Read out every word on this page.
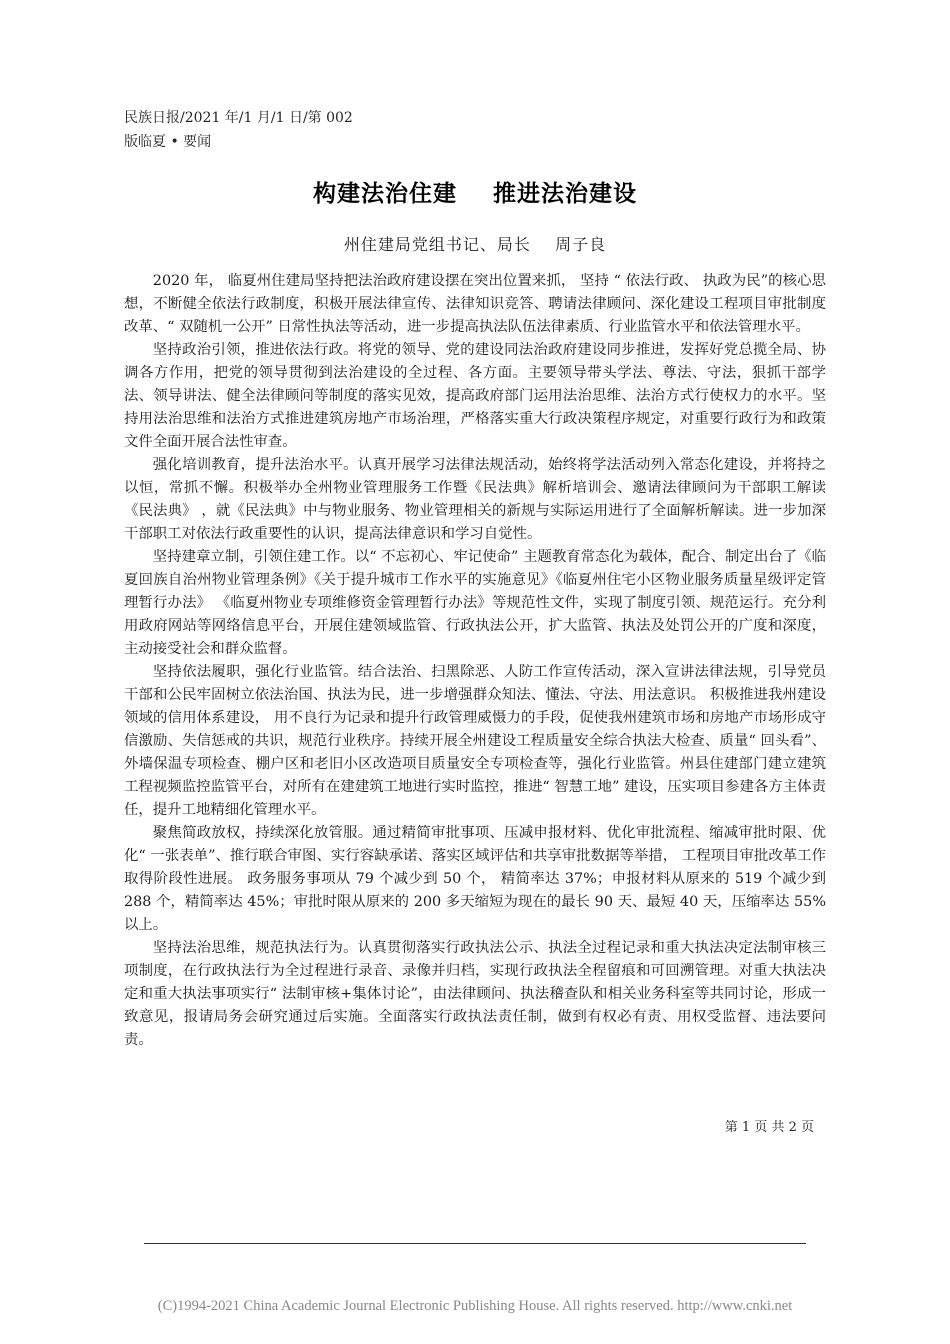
民族日报/2021 年/1 月/1 日/第 002
版临夏 • 要闻
构建法治住建    推进法治建设
州住建局党组书记、局长    周子良

2020 年， 临夏州住建局坚持把法治政府建设摆在突出位置来抓， 坚持 “ 依法行政、 执政为民”的核心思想，不断健全依法行政制度，积极开展法律宣传、法律知识竞答、聘请法律顾问、深化建设工程项目审批制度改革、“ 双随机一公开” 日常性执法等活动，进一步提高执法队伍法律素质、行业监管水平和依法管理水平。

坚持政治引领，推进依法行政。将党的领导、党的建设同法治政府建设同步推进，发挥好党总揽全局、协调各方作用，把党的领导贯彻到法治建设的全过程、各方面。主要领导带头学法、尊法、守法，狠抓干部学法、领导讲法、健全法律顾问等制度的落实见效，提高政府部门运用法治思维、法治方式行使权力的水平。坚持用法治思维和法治方式推进建筑房地产市场治理，严格落实重大行政决策程序规定，对重要行政行为和政策文件全面开展合法性审查。

强化培训教育，提升法治水平。认真开展学习法律法规活动，始终将学法活动列入常态化建设，并将持之以恒，常抓不懈。积极举办全州物业管理服务工作暨《民法典》解析培训会、邀请法律顾问为干部职工解读《民法典》 ，就《民法典》中与物业服务、物业管理相关的新规与实际运用进行了全面解析解读。进一步加深干部职工对依法行政重要性的认识，提高法律意识和学习自觉性。

坚持建章立制，引领住建工作。以“ 不忘初心、牢记使命” 主题教育常态化为载体，配合、制定出台了《临夏回族自治州物业管理条例》《关于提升城市工作水平的实施意见》《临夏州住宅小区物业服务质量星级评定管理暂行办法》 《临夏州物业专项维修资金管理暂行办法》等规范性文件，实现了制度引领、规范运行。充分利用政府网站等网络信息平台，开展住建领域监管、行政执法公开，扩大监管、执法及处罚公开的广度和深度，主动接受社会和群众监督。

坚持依法履职，强化行业监管。结合法治、扫黑除恶、人防工作宣传活动，深入宣讲法律法规，引导党员干部和公民牢固树立依法治国、执法为民，进一步增强群众知法、懂法、守法、用法意识。 积极推进我州建设领域的信用体系建设， 用不良行为记录和提升行政管理威慑力的手段，促使我州建筑市场和房地产市场形成守信激励、失信惩戒的共识，规范行业秩序。持续开展全州建设工程质量安全综合执法大检查、质量“ 回头看”、外墙保温专项检查、棚户区和老旧小区改造项目质量安全专项检查等，强化行业监管。州县住建部门建立建筑工程视频监控监管平台，对所有在建建筑工地进行实时监控，推进“ 智慧工地” 建设，压实项目参建各方主体责任，提升工地精细化管理水平。

聚焦简政放权，持续深化放管服。通过精简审批事项、压减申报材料、优化审批流程、缩减审批时限、优化“ 一张表单”、推行联合审图、实行容缺承诺、落实区域评估和共享审批数据等举措， 工程项目审批改革工作取得阶段性进展。 政务服务事项从 79 个减少到 50 个， 精简率达 37%；申报材料从原来的 519 个减少到 288 个，精简率达 45%；审批时限从原来的 200 多天缩短为现在的最长 90 天、最短 40 天，压缩率达 55%以上。

坚持法治思维，规范执法行为。认真贯彻落实行政执法公示、执法全过程记录和重大执法决定法制审核三项制度，在行政执法行为全过程进行录音、录像并归档，实现行政执法全程留痕和可回溯管理。对重大执法决定和重大执法事项实行“ 法制审核+集体讨论”，由法律顾问、执法稽查队和相关业务科室等共同讨论，形成一致意见，报请局务会研究通过后实施。全面落实行政执法责任制，做到有权必有责、用权受监督、违法要问责。

第 1 页 共 2 页
(C)1994-2021 China Academic Journal Electronic Publishing House. All rights reserved. http://www.cnki.net
